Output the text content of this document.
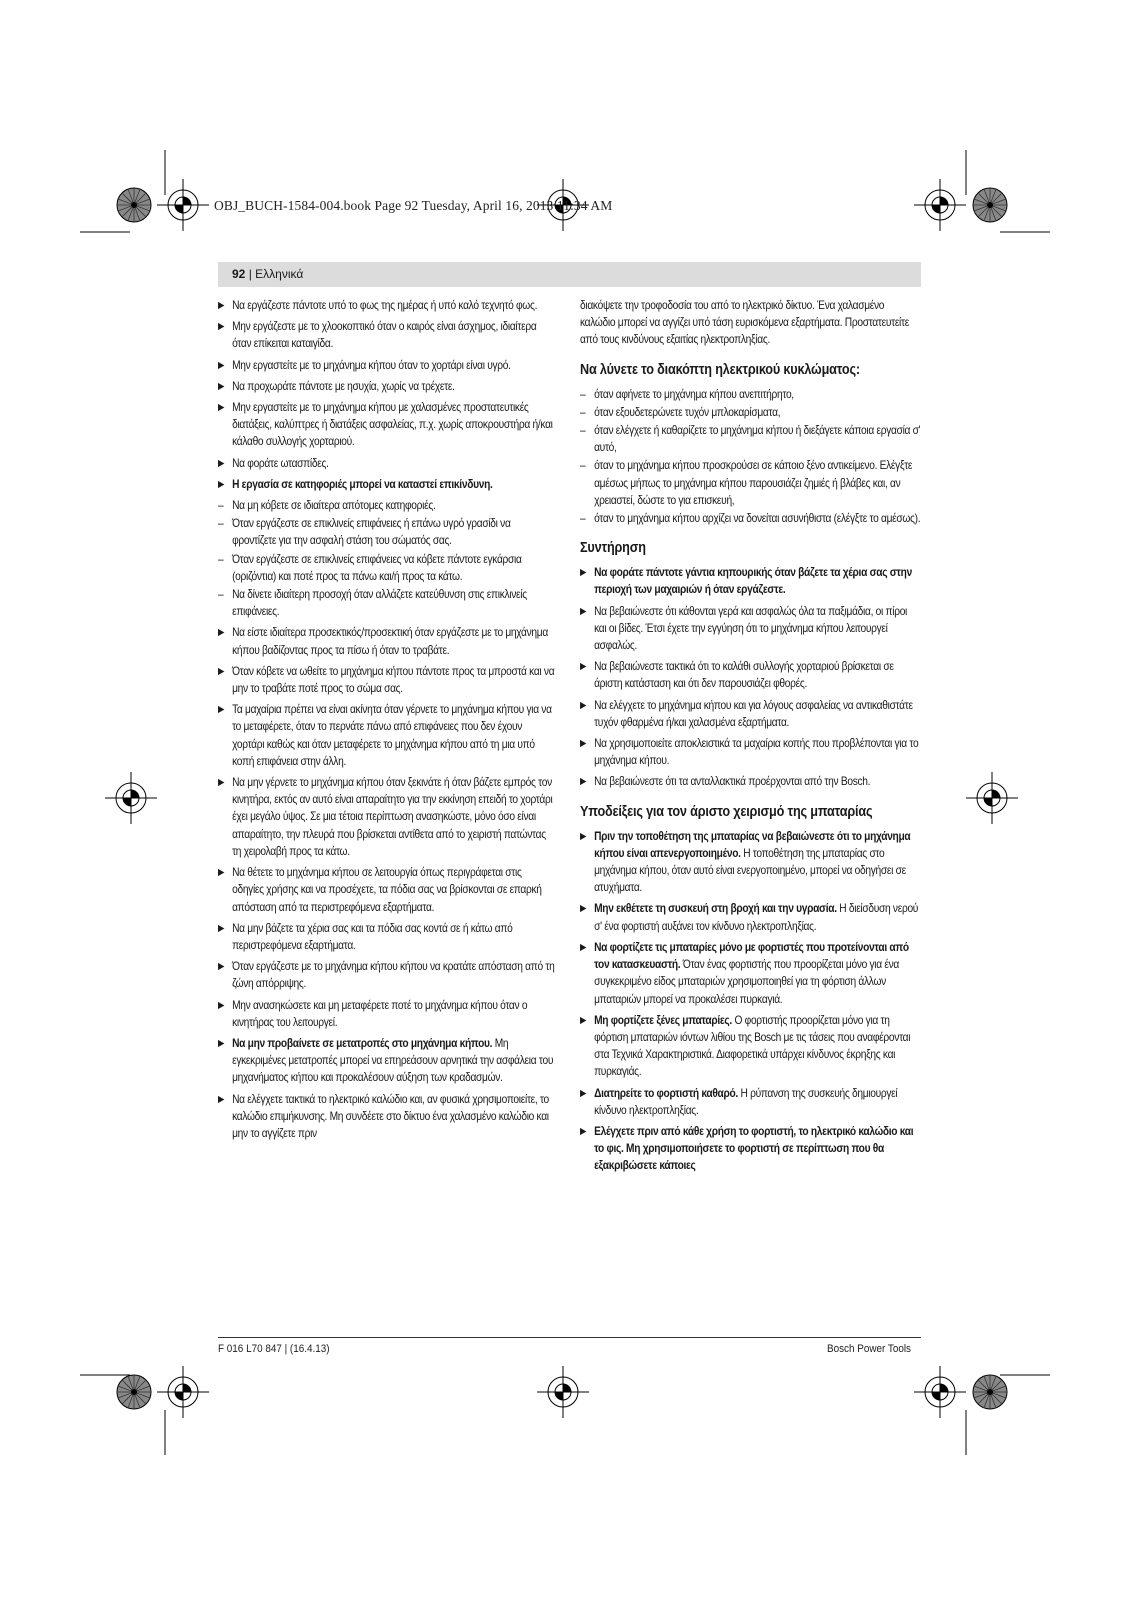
OBJ_BUCH-1584-004.book Page 92 Tuesday, April 16, 2013 11:34 AM
92 | Ελληνικά
▶ Να εργάζεστε πάντοτε υπό το φως της ημέρας ή υπό καλό τεχνητό φως.
▶ Μην εργάζεστε με το χλοοκοπτικό όταν ο καιρός είναι άσχημος, ιδιαίτερα όταν επίκειται καταιγίδα.
▶ Μην εργαστείτε με το μηχάνημα κήπου όταν το χορτάρι είναι υγρό.
▶ Να προχωράτε πάντοτε με ησυχία, χωρίς να τρέχετε.
▶ Μην εργαστείτε με το μηχάνημα κήπου με χαλασμένες προστατευτικές διατάξεις, καλύπτρες ή διατάξεις ασφαλείας, π.χ. χωρίς αποκρουστήρα ή/και κάλαθο συλλογής χορταριού.
▶ Να φοράτε ωτασπίδες.
▶ Η εργασία σε κατηφοριές μπορεί να καταστεί επικίνδυνη.
– Να μη κόβετε σε ιδιαίτερα απότομες κατηφοριές.
– Όταν εργάζεστε σε επικλινείς επιφάνειες ή επάνω υγρό γρασίδι να φροντίζετε για την ασφαλή στάση του σώματός σας.
– Όταν εργάζεστε σε επικλινείς επιφάνειες να κόβετε πάντοτε εγκάρσια (οριζόντια) και ποτέ προς τα πάνω και/ή προς τα κάτω.
– Να δίνετε ιδιαίτερη προσοχή όταν αλλάζετε κατεύθυνση στις επικλινείς επιφάνειες.
▶ Να είστε ιδιαίτερα προσεκτικός/προσεκτική όταν εργάζεστε με το μηχάνημα κήπου βαδίζοντας προς τα πίσω ή όταν το τραβάτε.
▶ Όταν κόβετε να ωθείτε το μηχάνημα κήπου πάντοτε προς τα μπροστά και να μην το τραβάτε ποτέ προς το σώμα σας.
▶ Τα μαχαίρια πρέπει να είναι ακίνητα όταν γέρνετε το μηχάνημα κήπου για να το μεταφέρετε, όταν το περνάτε πάνω από επιφάνειες που δεν έχουν χορτάρι καθώς και όταν μεταφέρετε το μηχάνημα κήπου από τη μια υπό κοπή επιφάνεια στην άλλη.
▶ Να μην γέρνετε το μηχάνημα κήπου όταν ξεκινάτε ή όταν βάζετε εμπρός τον κινητήρα, εκτός αν αυτό είναι απαραίτητο για την εκκίνηση επειδή το χορτάρι έχει μεγάλο ύψος. Σε μια τέτοια περίπτωση ανασηκώστε, μόνο όσο είναι απαραίτητο, την πλευρά που βρίσκεται αντίθετα από το χειριστή πατώντας τη χειρολαβή προς τα κάτω.
▶ Να θέτετε το μηχάνημα κήπου σε λειτουργία όπως περιγράφεται στις οδηγίες χρήσης και να προσέχετε, τα πόδια σας να βρίσκονται σε επαρκή απόσταση από τα περιστρεφόμενα εξαρτήματα.
▶ Να μην βάζετε τα χέρια σας και τα πόδια σας κοντά σε ή κάτω από περιστρεφόμενα εξαρτήματα.
▶ Όταν εργάζεστε με το μηχάνημα κήπου κήπου να κρατάτε απόσταση από τη ζώνη απόρριψης.
▶ Μην ανασηκώσετε και μη μεταφέρετε ποτέ το μηχάνημα κήπου όταν ο κινητήρας του λειτουργεί.
▶ Να μην προβαίνετε σε μετατροπές στο μηχάνημα κήπου. Μη εγκεκριμένες μετατροπές μπορεί να επηρεάσουν αρνητικά την ασφάλεια του μηχανήματος κήπου και προκαλέσουν αύξηση των κραδασμών.
▶ Να ελέγχετε τακτικά το ηλεκτρικό καλώδιο και, αν φυσικά χρησιμοποιείτε, το καλώδιο επιμήκυνσης. Μη συνδέετε στο δίκτυο ένα χαλασμένο καλώδιο και μην το αγγίζετε πριν
διακόψετε την τροφοδοσία του από το ηλεκτρικό δίκτυο. Ένα χαλασμένο καλώδιο μπορεί να αγγίζει υπό τάση ευρισκόμενα εξαρτήματα. Προστατευτείτε από τους κινδύνους εξαιτίας ηλεκτροπληξίας.
Να λύνετε το διακόπτη ηλεκτρικού κυκλώματος:
– όταν αφήνετε το μηχάνημα κήπου ανεπιτήρητο,
– όταν εξουδετερώνετε τυχόν μπλοκαρίσματα,
– όταν ελέγχετε ή καθαρίζετε το μηχάνημα κήπου ή διεξάγετε κάποια εργασία σ' αυτό,
– όταν το μηχάνημα κήπου προσκρούσει σε κάποιο ξένο αντικείμενο. Ελέγξτε αμέσως μήπως το μηχάνημα κήπου παρουσιάζει ζημιές ή βλάβες και, αν χρειαστεί, δώστε το για επισκευή,
– όταν το μηχάνημα κήπου αρχίζει να δονείται ασυνήθιστα (ελέγξτε το αμέσως).
Συντήρηση
▶ Να φοράτε πάντοτε γάντια κηπουρικής όταν βάζετε τα χέρια σας στην περιοχή των μαχαιριών ή όταν εργάζεστε.
▶ Να βεβαιώνεστε ότι κάθονται γερά και ασφαλώς όλα τα παξιμάδια, οι πίροι και οι βίδες. Έτσι έχετε την εγγύηση ότι το μηχάνημα κήπου λειτουργεί ασφαλώς.
▶ Να βεβαιώνεστε τακτικά ότι το καλάθι συλλογής χορταριού βρίσκεται σε άριστη κατάσταση και ότι δεν παρουσιάζει φθορές.
▶ Να ελέγχετε το μηχάνημα κήπου και για λόγους ασφαλείας να αντικαθιστάτε τυχόν φθαρμένα ή/και χαλασμένα εξαρτήματα.
▶ Να χρησιμοποιείτε αποκλειστικά τα μαχαίρια κοπής που προβλέπονται για το μηχάνημα κήπου.
▶ Να βεβαιώνεστε ότι τα ανταλλακτικά προέρχονται από την Bosch.
Υποδείξεις για τον άριστο χειρισμό της μπαταρίας
▶ Πριν την τοποθέτηση της μπαταρίας να βεβαιώνεστε ότι το μηχάνημα κήπου είναι απενεργοποιημένο. Η τοποθέτηση της μπαταρίας στο μηχάνημα κήπου, όταν αυτό είναι ενεργοποιημένο, μπορεί να οδηγήσει σε ατυχήματα.
▶ Μην εκθέτετε τη συσκευή στη βροχή και την υγρασία. Η διείσδυση νερού σ' ένα φορτιστή αυξάνει τον κίνδυνο ηλεκτροπληξίας.
▶ Να φορτίζετε τις μπαταρίες μόνο με φορτιστές που προτείνονται από τον κατασκευαστή. Όταν ένας φορτιστής που προορίζεται μόνο για ένα συγκεκριμένο είδος μπαταριών χρησιμοποιηθεί για τη φόρτιση άλλων μπαταριών μπορεί να προκαλέσει πυρκαγιά.
▶ Μη φορτίζετε ξένες μπαταρίες. Ο φορτιστής προορίζεται μόνο για τη φόρτιση μπαταριών ιόντων λιθίου της Bosch με τις τάσεις που αναφέρονται στα Τεχνικά Χαρακτηριστικά. Διαφορετικά υπάρχει κίνδυνος έκρηξης και πυρκαγιάς.
▶ Διατηρείτε το φορτιστή καθαρό. Η ρύπανση της συσκευής δημιουργεί κίνδυνο ηλεκτροπληξίας.
▶ Ελέγχετε πριν από κάθε χρήση το φορτιστή, το ηλεκτρικό καλώδιο και το φις. Μη χρησιμοποιήσετε το φορτιστή σε περίπτωση που θα εξακριβώσετε κάποιες
F 016 L70 847 | (16.4.13)	Bosch Power Tools
